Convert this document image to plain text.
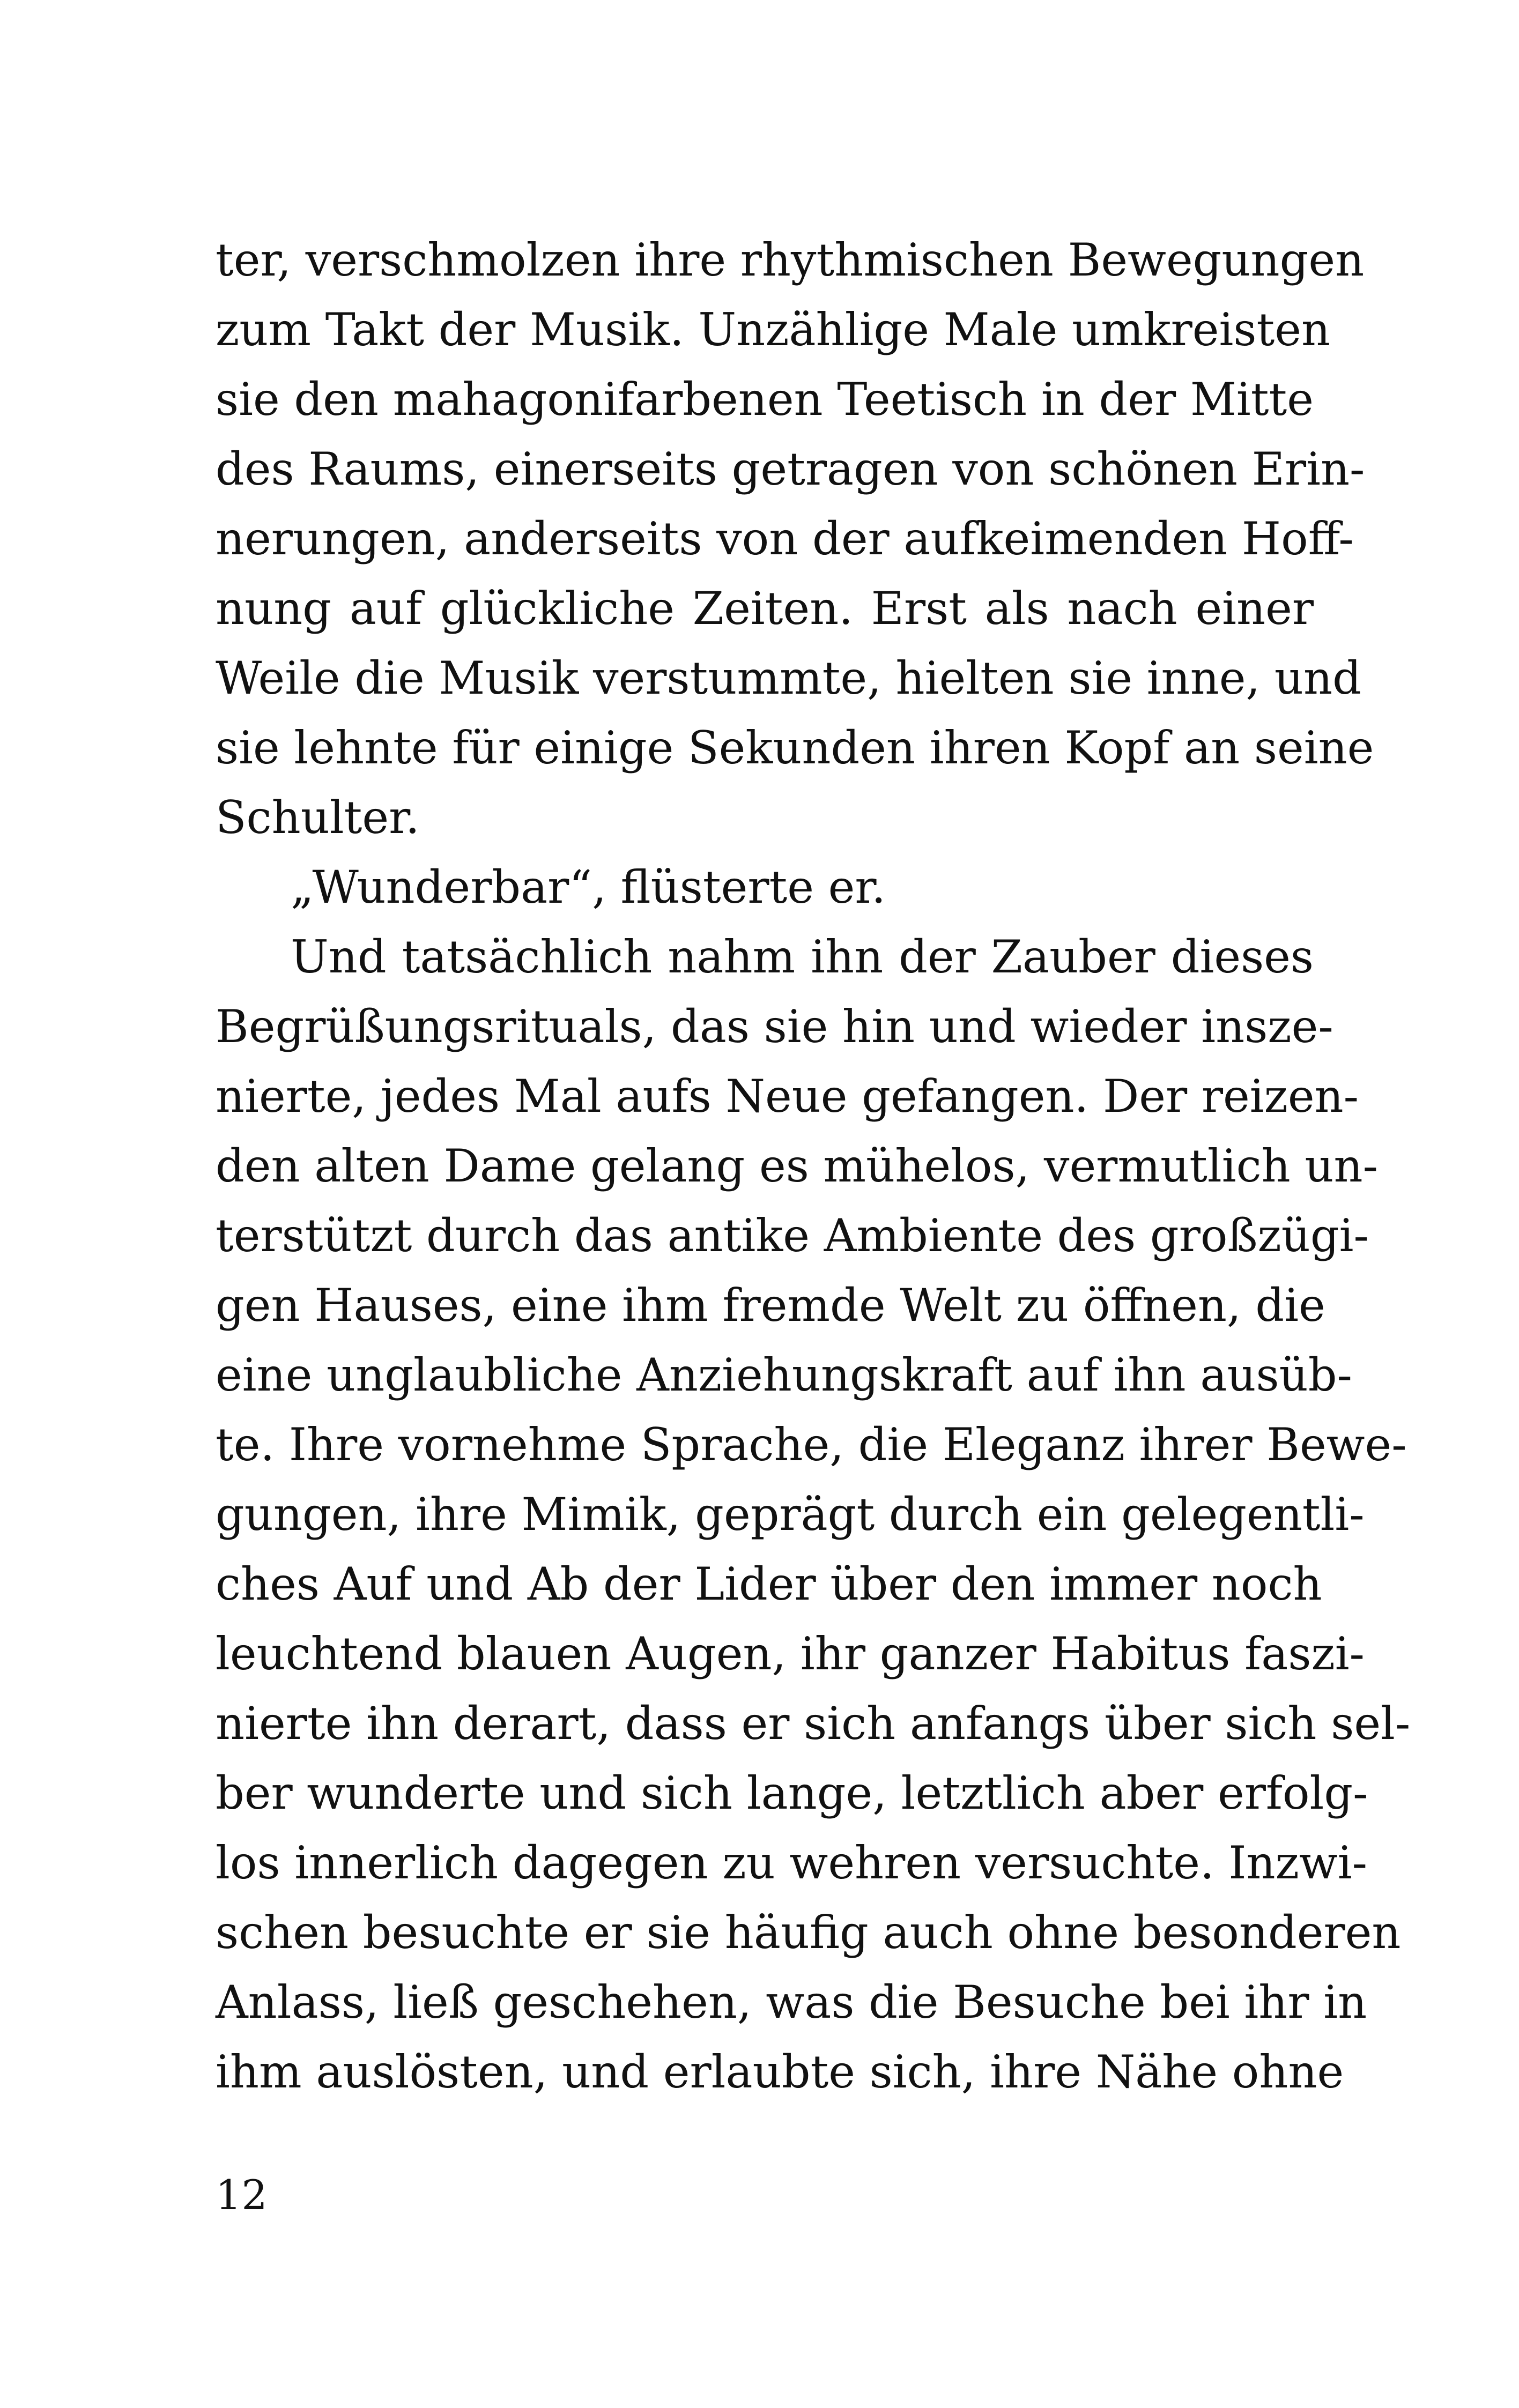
ter, verschmolzen ihre rhythmischen Bewegungen
zum Takt der Musik. Unzählige Male umkreisten
sie den mahagonifarbenen Teetisch in der Mitte
des Raums, einerseits getragen von schönen Erin-
nerungen, anderseits von der aufkeimenden Hoff-
nung auf glückliche Zeiten. Erst als nach einer
Weile die Musik verstummte, hielten sie inne, und
sie lehnte für einige Sekunden ihren Kopf an seine
Schulter.
„Wunderbar“, flüsterte er.
Und tatsächlich nahm ihn der Zauber dieses
Begrüßungsrituals, das sie hin und wieder insze-
nierte, jedes Mal aufs Neue gefangen. Der reizen-
den alten Dame gelang es mühelos, vermutlich un-
terstützt durch das antike Ambiente des großzügi-
gen Hauses, eine ihm fremde Welt zu öffnen, die
eine unglaubliche Anziehungskraft auf ihn ausüb-
te. Ihre vornehme Sprache, die Eleganz ihrer Bewe-
gungen, ihre Mimik, geprägt durch ein gelegentli-
ches Auf und Ab der Lider über den immer noch
leuchtend blauen Augen, ihr ganzer Habitus faszi-
nierte ihn derart, dass er sich anfangs über sich sel-
ber wunderte und sich lange, letztlich aber erfolg-
los innerlich dagegen zu wehren versuchte. Inzwi-
schen besuchte er sie häufig auch ohne besonderen
Anlass, ließ geschehen, was die Besuche bei ihr in
ihm auslösten, und erlaubte sich, ihre Nähe ohne
12
